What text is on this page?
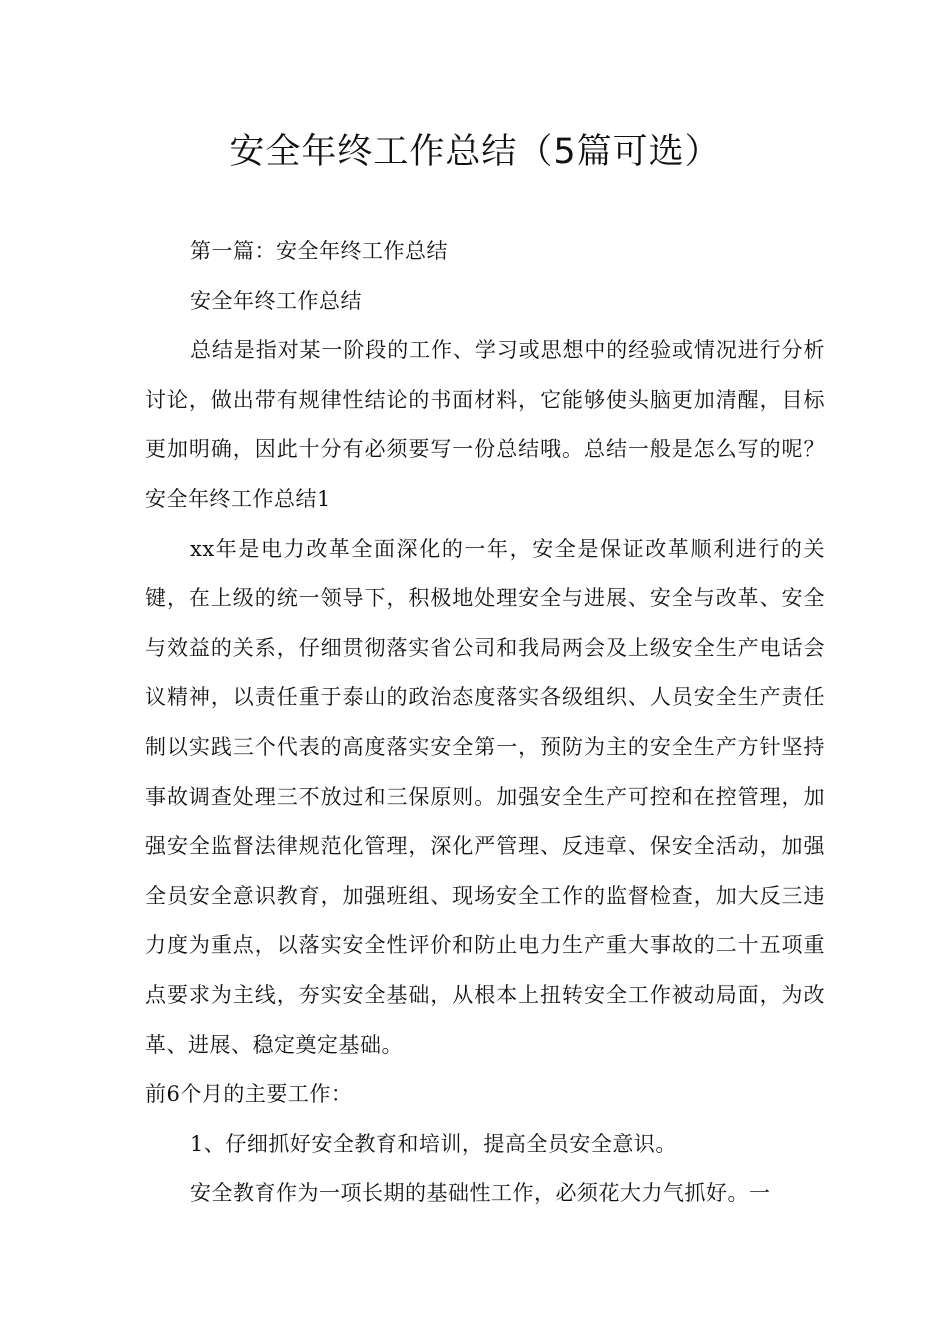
安全年终工作总结（5篇可选）

第一篇：安全年终工作总结

安全年终工作总结

总结是指对某一阶段的工作、学习或思想中的经验或情况进行分析讨论，做出带有规律性结论的书面材料，它能够使头脑更加清醒，目标更加明确，因此十分有必须要写一份总结哦。总结一般是怎么写的呢？安全年终工作总结1

xx年是电力改革全面深化的一年，安全是保证改革顺利进行的关键，在上级的统一领导下，积极地处理安全与进展、安全与改革、安全与效益的关系，仔细贯彻落实省公司和我局两会及上级安全生产电话会议精神，以责任重于泰山的政治态度落实各级组织、人员安全生产责任制以实践三个代表的高度落实安全第一，预防为主的安全生产方针坚持事故调查处理三不放过和三保原则。加强安全生产可控和在控管理，加强安全监督法律规范化管理，深化严管理、反违章、保安全活动，加强全员安全意识教育，加强班组、现场安全工作的监督检查，加大反三违力度为重点，以落实安全性评价和防止电力生产重大事故的二十五项重点要求为主线，夯实安全基础，从根本上扭转安全工作被动局面，为改革、进展、稳定奠定基础。

前6个月的主要工作：

1、仔细抓好安全教育和培训，提高全员安全意识。

安全教育作为一项长期的基础性工作，必须花大力气抓好。一
